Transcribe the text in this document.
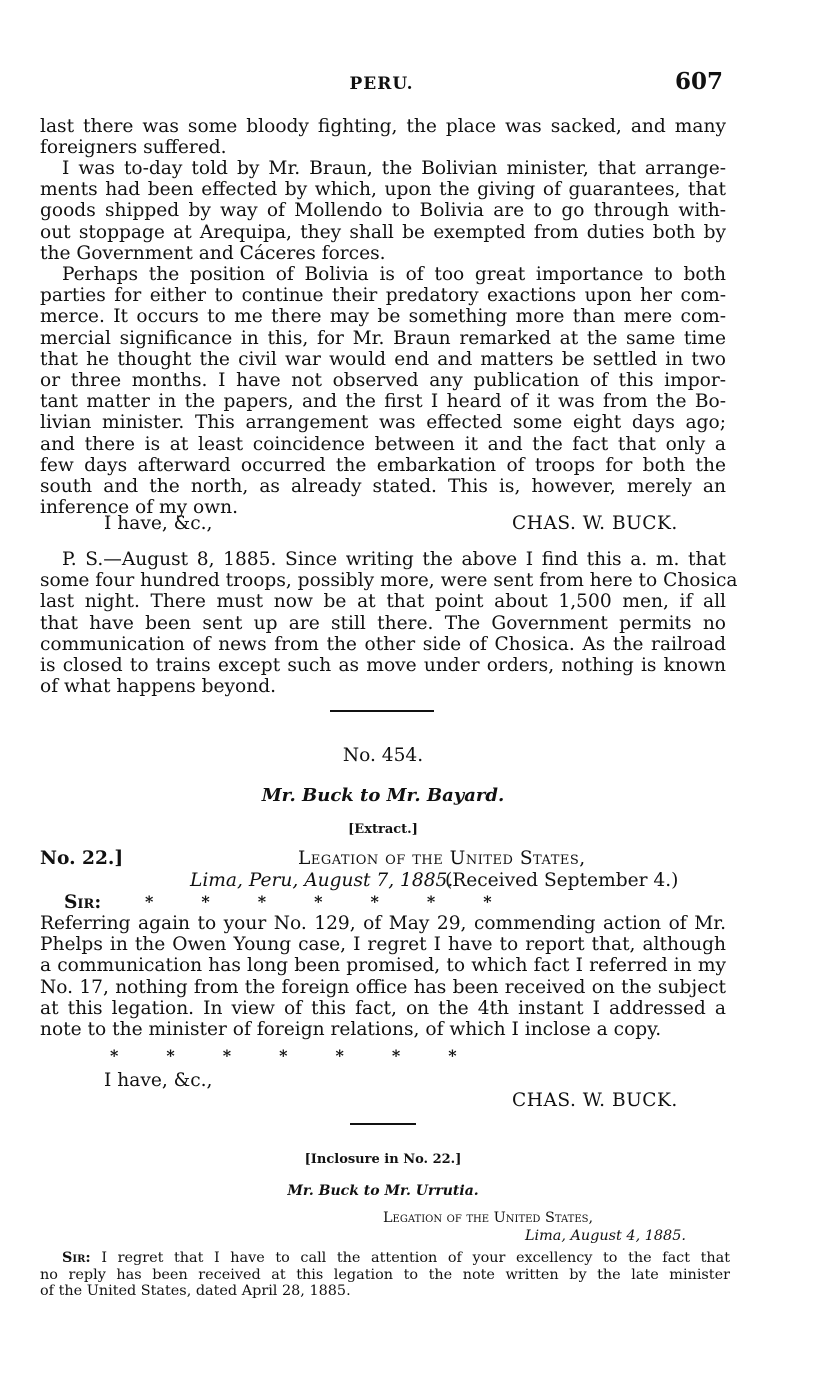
PERU.	607
last there was some bloody fighting, the place was sacked, and many
foreigners suffered.
I was to-day told by Mr. Braun, the Bolivian minister, that arrange-
ments had been effected by which, upon the giving of guarantees, that
goods shipped by way of Mollendo to Bolivia are to go through with-
out stoppage at Arequipa, they shall be exempted from duties both by
the Government and Cáceres forces.
Perhaps the position of Bolivia is of too great importance to both
parties for either to continue their predatory exactions upon her com-
merce. It occurs to me there may be something more than mere com-
mercial significance in this, for Mr. Braun remarked at the same time
that he thought the civil war would end and matters be settled in two
or three months. I have not observed any publication of this impor-
tant matter in the papers, and the first I heard of it was from the Bo-
livian minister. This arrangement was effected some eight days ago;
and there is at least coincidence between it and the fact that only a
few days afterward occurred the embarkation of troops for both the
south and the north, as already stated. This is, however, merely an
inference of my own.
I have, &c.,	CHAS. W. BUCK.
P. S.—August 8, 1885. Since writing the above I find this a. m. that
some four hundred troops, possibly more, were sent from here to Chosica
last night. There must now be at that point about 1,500 men, if all
that have been sent up are still there. The Government permits no
communication of news from the other side of Chosica. As the railroad
is closed to trains except such as move under orders, nothing is known
of what happens beyond.
No. 454.
Mr. Buck to Mr. Bayard.
[Extract.]
No. 22.]	Legation of the United States,
Lima, Peru, August 7, 1885.
(Received September 4.)
Sir:	*   *   *   *   *   *   *
Referring again to your No. 129, of May 29, commending action of Mr.
Phelps in the Owen Young case, I regret I have to report that, although
a communication has long been promised, to which fact I referred in my
No. 17, nothing from the foreign office has been received on the subject
at this legation. In view of this fact, on the 4th instant I addressed a
note to the minister of foreign relations, of which I inclose a copy.
*   *   *   *   *   *   *
I have, &c.,
CHAS. W. BUCK.
[Inclosure in No. 22.]
Mr. Buck to Mr. Urrutia.
Legation of the United States,
Lima, August 4, 1885.
Sir: I regret that I have to call the attention of your excellency to the fact that
no reply has been received at this legation to the note written by the late minister
of the United States, dated April 28, 1885.
